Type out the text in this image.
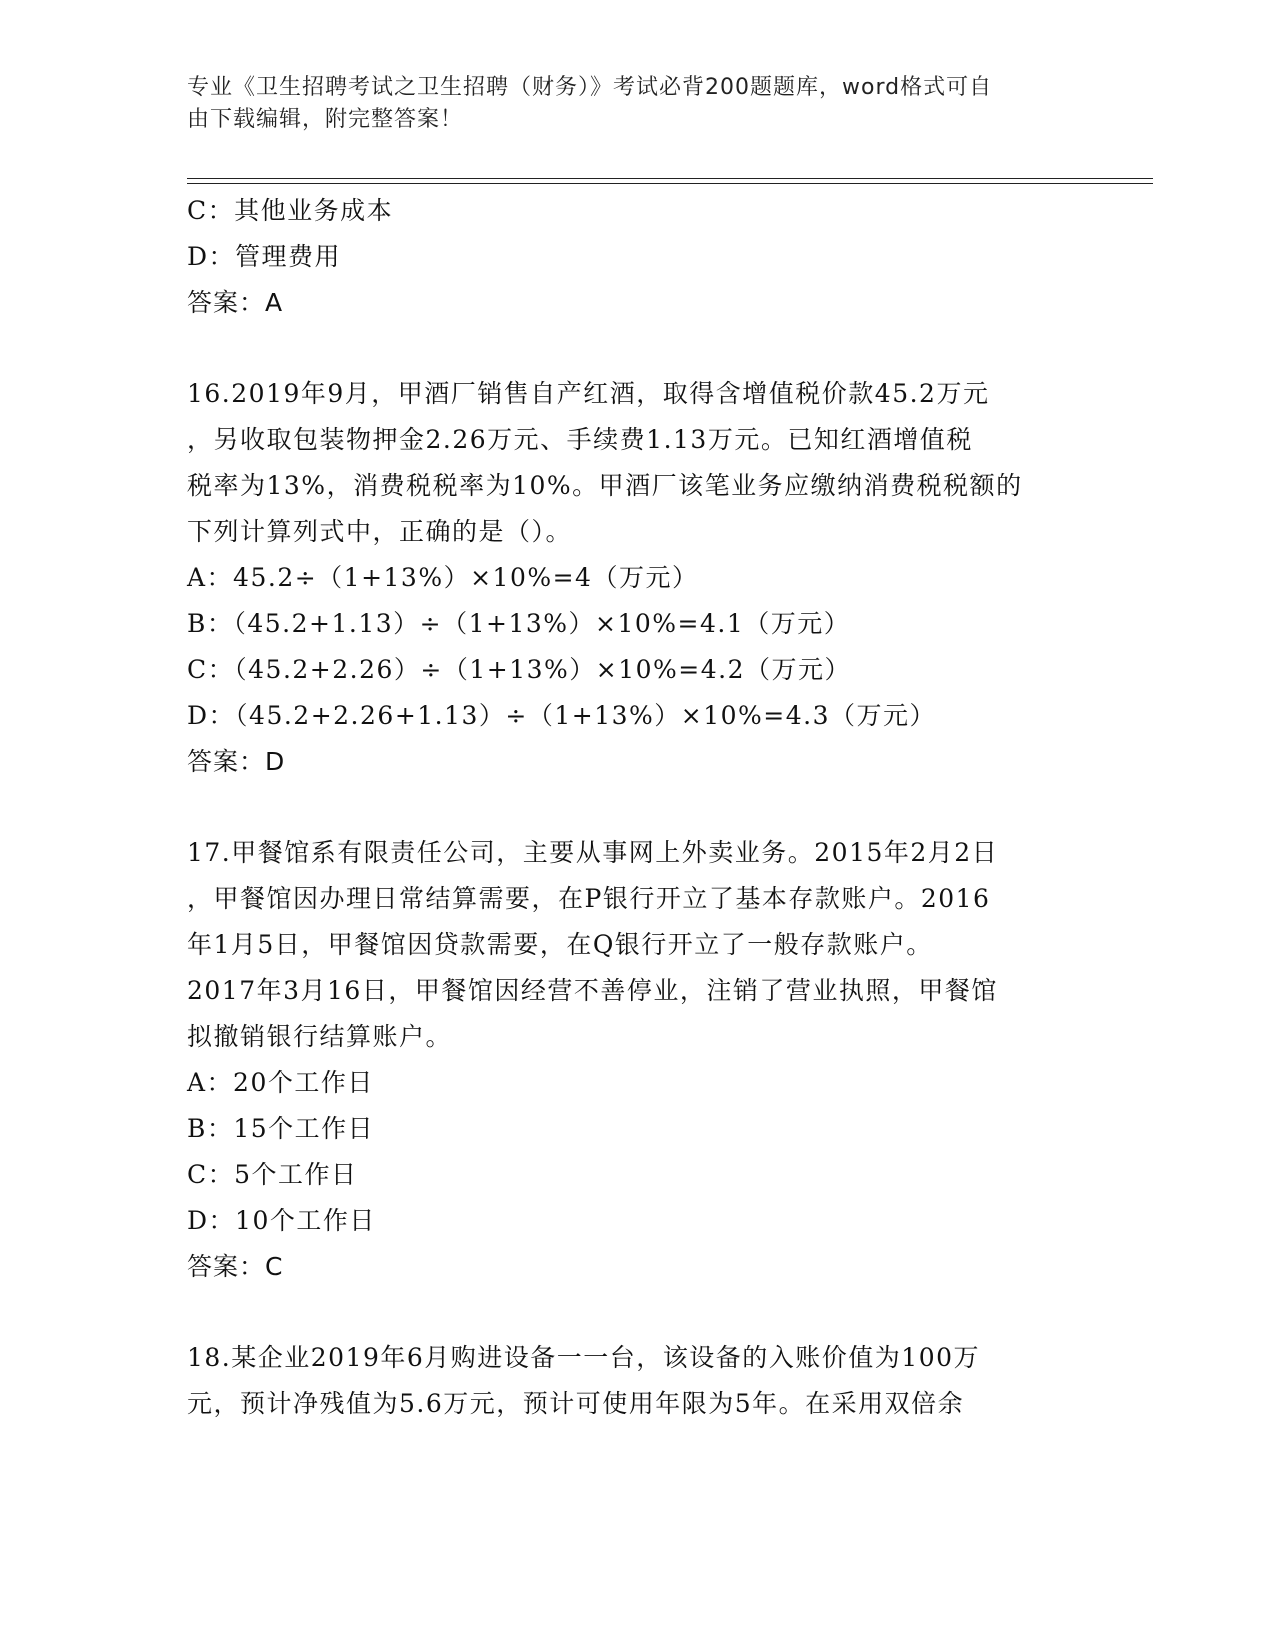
专业《卫生招聘考试之卫生招聘（财务）》考试必背200题题库，word格式可自
由下载编辑，附完整答案！
C：其他业务成本
D：管理费用
答案：A
16.2019年9月，甲酒厂销售自产红酒，取得含增值税价款45.2万元
，另收取包装物押金2.26万元、手续费1.13万元。已知红酒增值税
税率为13%，消费税税率为10%。甲酒厂该笔业务应缴纳消费税税额的
下列计算列式中，正确的是（）。
A：45.2÷（1+13%）×10%=4（万元）
B：（45.2+1.13）÷（1+13%）×10%=4.1（万元）
C：（45.2+2.26）÷（1+13%）×10%=4.2（万元）
D：（45.2+2.26+1.13）÷（1+13%）×10%=4.3（万元）
答案：D
17.甲餐馆系有限责任公司，主要从事网上外卖业务。2015年2月2日
，甲餐馆因办理日常结算需要，在P银行开立了基本存款账户。2016
年1月5日，甲餐馆因贷款需要，在Q银行开立了一般存款账户。
2017年3月16日，甲餐馆因经营不善停业，注销了营业执照，甲餐馆
拟撤销银行结算账户。
A：20个工作日
B：15个工作日
C：5个工作日
D：10个工作日
答案：C
18.某企业2019年6月购进设备一一台，该设备的入账价值为100万
元，预计净残值为5.6万元，预计可使用年限为5年。在采用双倍余
